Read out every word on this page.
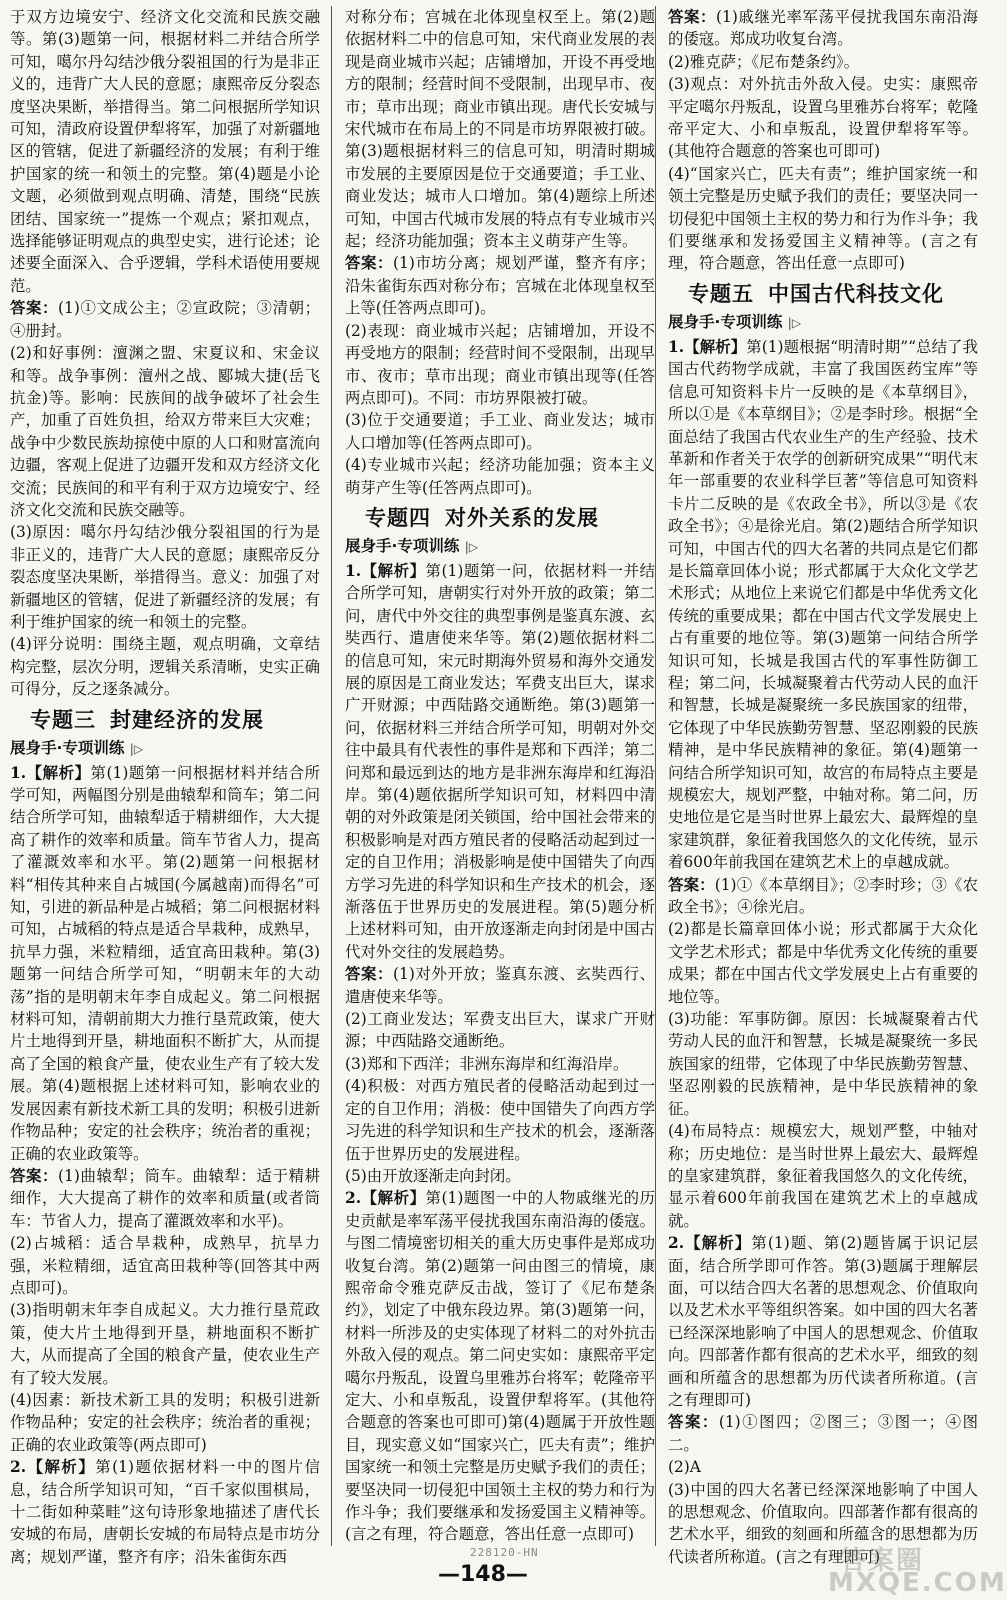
于双方边境安宁、经济文化交流和民族交融等。第(3)题第一问，根据材料二并结合所学可知，噶尔丹勾结沙俄分裂祖国的行为是非正义的，违背广大人民的意愿；康熙帝反分裂态度坚决果断，举措得当。第二问根据所学知识可知，清政府设置伊犁将军，加强了对新疆地区的管辖，促进了新疆经济的发展；有利于维护国家的统一和领土的完整。第(4)题是小论文题，必须做到观点明确、清楚，围绕“民族团结、国家统一”提炼一个观点；紧扣观点，选择能够证明观点的典型史实，进行论述；论述要全面深入、合乎逻辑，学科术语使用要规范。

答案：(1)①文成公主；②宣政院；③清朝；④册封。

(2)和好事例：澶渊之盟、宋夏议和、宋金议和等。战争事例：澶州之战、郾城大捷(岳飞抗金)等。影响：民族间的战争破坏了社会生产，加重了百姓负担，给双方带来巨大灾难；战争中少数民族劫掠使中原的人口和财富流向边疆，客观上促进了边疆开发和双方经济文化交流；民族间的和平有利于双方边境安宁、经济文化交流和民族交融等。

(3)原因：噶尔丹勾结沙俄分裂祖国的行为是非正义的，违背广大人民的意愿；康熙帝反分裂态度坚决果断，举措得当。意义：加强了对新疆地区的管辖，促进了新疆经济的发展；有利于维护国家的统一和领土的完整。

(4)评分说明：围绕主题，观点明确，文章结构完整，层次分明，逻辑关系清晰，史实正确可得分，反之逐条减分。

专题三 封建经济的发展
展身手·专项训练 |▷

1.【解析】第(1)题第一问根据材料并结合所学可知，两幅图分别是曲辕犁和筒车；第二问结合所学可知，曲辕犁适于精耕细作，大大提高了耕作的效率和质量。筒车节省人力，提高了灌溉效率和水平。第(2)题第一问根据材料“相传其种来自占城国(今属越南)而得名”可知，引进的新品种是占城稻；第二问根据材料可知，占城稻的特点是适合旱栽种，成熟早，抗旱力强，米粒精细，适宜高田栽种。第(3)题第一问结合所学可知，“明朝末年的大动荡”指的是明朝末年李自成起义。第二问根据材料可知，清朝前期大力推行垦荒政策，使大片土地得到开垦，耕地面积不断扩大，从而提高了全国的粮食产量，使农业生产有了较大发展。第(4)题根据上述材料可知，影响农业的发展因素有新技术新工具的发明；积极引进新作物品种；安定的社会秩序；统治者的重视；正确的农业政策等。

答案：(1)曲辕犁；筒车。曲辕犁：适于精耕细作，大大提高了耕作的效率和质量(或者筒车：节省人力，提高了灌溉效率和水平)。

(2)占城稻：适合旱栽种，成熟早，抗旱力强，米粒精细，适宜高田栽种等(回答其中两点即可)。

(3)指明朝末年李自成起义。大力推行垦荒政策，使大片土地得到开垦，耕地面积不断扩大，从而提高了全国的粮食产量，使农业生产有了较大发展。

(4)因素：新技术新工具的发明；积极引进新作物品种；安定的社会秩序；统治者的重视；正确的农业政策等(两点即可)

2.【解析】第(1)题依据材料一中的图片信息，结合所学知识可知，“百千家似围棋局，十二街如种菜畦”这句诗形象地描述了唐代长安城的布局，唐朝长安城的布局特点是市坊分离；规划严谨，整齐有序；沿朱雀街东西

对称分布；宫城在北体现皇权至上。第(2)题依据材料二中的信息可知，宋代商业发展的表现是商业城市兴起；店铺增加，开设不再受地方的限制；经营时间不受限制，出现早市、夜市；草市出现；商业市镇出现。唐代长安城与宋代城市在布局上的不同是市坊界限被打破。第(3)题根据材料三的信息可知，明清时期城市发展的主要原因是位于交通要道；手工业、商业发达；城市人口增加。第(4)题综上所述可知，中国古代城市发展的特点有专业城市兴起；经济功能加强；资本主义萌芽产生等。

答案：(1)市坊分离；规划严谨，整齐有序；沿朱雀街东西对称分布；宫城在北体现皇权至上等(任答两点即可)。

(2)表现：商业城市兴起；店铺增加，开设不再受地方的限制；经营时间不受限制，出现早市、夜市；草市出现；商业市镇出现等(任答两点即可)。不同：市坊界限被打破。

(3)位于交通要道；手工业、商业发达；城市人口增加等(任答两点即可)。

(4)专业城市兴起；经济功能加强；资本主义萌芽产生等(任答两点即可)。

专题四 对外关系的发展
展身手·专项训练 |▷

1.【解析】第(1)题第一问，依据材料一并结合所学可知，唐朝实行对外开放的政策；第二问，唐代中外交往的典型事例是鉴真东渡、玄奘西行、遣唐使来华等。第(2)题依据材料二的信息可知，宋元时期海外贸易和海外交通发展的原因是工商业发达；军费支出巨大，谋求广开财源；中西陆路交通断绝。第(3)题第一问，依据材料三并结合所学可知，明朝对外交往中最具有代表性的事件是郑和下西洋；第二问郑和最远到达的地方是非洲东海岸和红海沿岸。第(4)题依据所学知识可知，材料四中清朝的对外政策是闭关锁国，给中国社会带来的积极影响是对西方殖民者的侵略活动起到过一定的自卫作用；消极影响是使中国错失了向西方学习先进的科学知识和生产技术的机会，逐渐落伍于世界历史的发展进程。第(5)题分析上述材料可知，由开放逐渐走向封闭是中国古代对外交往的发展趋势。

答案：(1)对外开放；鉴真东渡、玄奘西行、遣唐使来华等。

(2)工商业发达；军费支出巨大，谋求广开财源；中西陆路交通断绝。

(3)郑和下西洋；非洲东海岸和红海沿岸。

(4)积极：对西方殖民者的侵略活动起到过一定的自卫作用；消极：使中国错失了向西方学习先进的科学知识和生产技术的机会，逐渐落伍于世界历史的发展进程。

(5)由开放逐渐走向封闭。

2.【解析】第(1)题图一中的人物戚继光的历史贡献是率军荡平侵扰我国东南沿海的倭寇。与图二情境密切相关的重大历史事件是郑成功收复台湾。第(2)题第一问由图三的情境，康熙帝命令雅克萨反击战，签订了《尼布楚条约》，划定了中俄东段边界。第(3)题第一问，材料一所涉及的史实体现了材料二的对外抗击外敌入侵的观点。第二问史实如：康熙帝平定噶尔丹叛乱，设置乌里雅苏台将军；乾隆帝平定大、小和卓叛乱，设置伊犁将军。(其他符合题意的答案也可即可)第(4)题属于开放性题目，现实意义如“国家兴亡，匹夫有责”；维护国家统一和领土完整是历史赋予我们的责任；要坚决同一切侵犯中国领土主权的势力和行为作斗争；我们要继承和发扬爱国主义精神等。(言之有理，符合题意，答出任意一点即可)

答案：(1)戚继光率军荡平侵扰我国东南沿海的倭寇。郑成功收复台湾。

(2)雅克萨；《尼布楚条约》。

(3)观点：对外抗击外敌入侵。史实：康熙帝平定噶尔丹叛乱，设置乌里雅苏台将军；乾隆帝平定大、小和卓叛乱，设置伊犁将军等。(其他符合题意的答案也可即可)

(4)“国家兴亡，匹夫有责”；维护国家统一和领土完整是历史赋予我们的责任；要坚决同一切侵犯中国领土主权的势力和行为作斗争；我们要继承和发扬爱国主义精神等。(言之有理，符合题意，答出任意一点即可)

专题五 中国古代科技文化
展身手·专项训练 |▷

1.【解析】第(1)题根据“明清时期”“总结了我国古代药物学成就，丰富了我国医药宝库”等信息可知资料卡片一反映的是《本草纲目》，所以①是《本草纲目》；②是李时珍。根据“全面总结了我国古代农业生产的生产经验、技术革新和作者关于农学的创新研究成果”“明代末年一部重要的农业科学巨著”等信息可知资料卡片二反映的是《农政全书》，所以③是《农政全书》；④是徐光启。第(2)题结合所学知识可知，中国古代的四大名著的共同点是它们都是长篇章回体小说；形式都属于大众化文学艺术形式；从地位上来说它们都是中华优秀文化传统的重要成果；都在中国古代文学发展史上占有重要的地位等。第(3)题第一问结合所学知识可知，长城是我国古代的军事性防御工程；第二问，长城凝聚着古代劳动人民的血汗和智慧，长城是凝聚统一多民族国家的纽带，它体现了中华民族勤劳智慧、坚忍刚毅的民族精神，是中华民族精神的象征。第(4)题第一问结合所学知识可知，故宫的布局特点主要是规模宏大，规划严整，中轴对称。第二问，历史地位是它是当时世界上最宏大、最辉煌的皇家建筑群，象征着我国悠久的文化传统，显示着600年前我国在建筑艺术上的卓越成就。

答案：(1)①《本草纲目》；②李时珍；③《农政全书》；④徐光启。

(2)都是长篇章回体小说；形式都属于大众化文学艺术形式；都是中华优秀文化传统的重要成果；都在中国古代文学发展史上占有重要的地位等。

(3)功能：军事防御。原因：长城凝聚着古代劳动人民的血汗和智慧，长城是凝聚统一多民族国家的纽带，它体现了中华民族勤劳智慧、坚忍刚毅的民族精神，是中华民族精神的象征。

(4)布局特点：规模宏大，规划严整，中轴对称；历史地位：是当时世界上最宏大、最辉煌的皇家建筑群，象征着我国悠久的文化传统，显示着600年前我国在建筑艺术上的卓越成就。

2.【解析】第(1)题、第(2)题皆属于识记层面，结合所学即可作答。第(3)题属于理解层面，可以结合四大名著的思想观念、价值取向以及艺术水平等组织答案。如中国的四大名著已经深深地影响了中国人的思想观念、价值取向。四部著作都有很高的艺术水平，细致的刻画和所蕴含的思想都为历代读者所称道。(言之有理即可)

答案：(1)①图四；②图三；③图一；④图二。

(2)A

(3)中国的四大名著已经深深地影响了中国人的思想观念、价值取向。四部著作都有很高的艺术水平，细致的刻画和所蕴含的思想都为历代读者所称道。(言之有理即可)

228120-HN
—148—	答案圈
MXQE.COM
